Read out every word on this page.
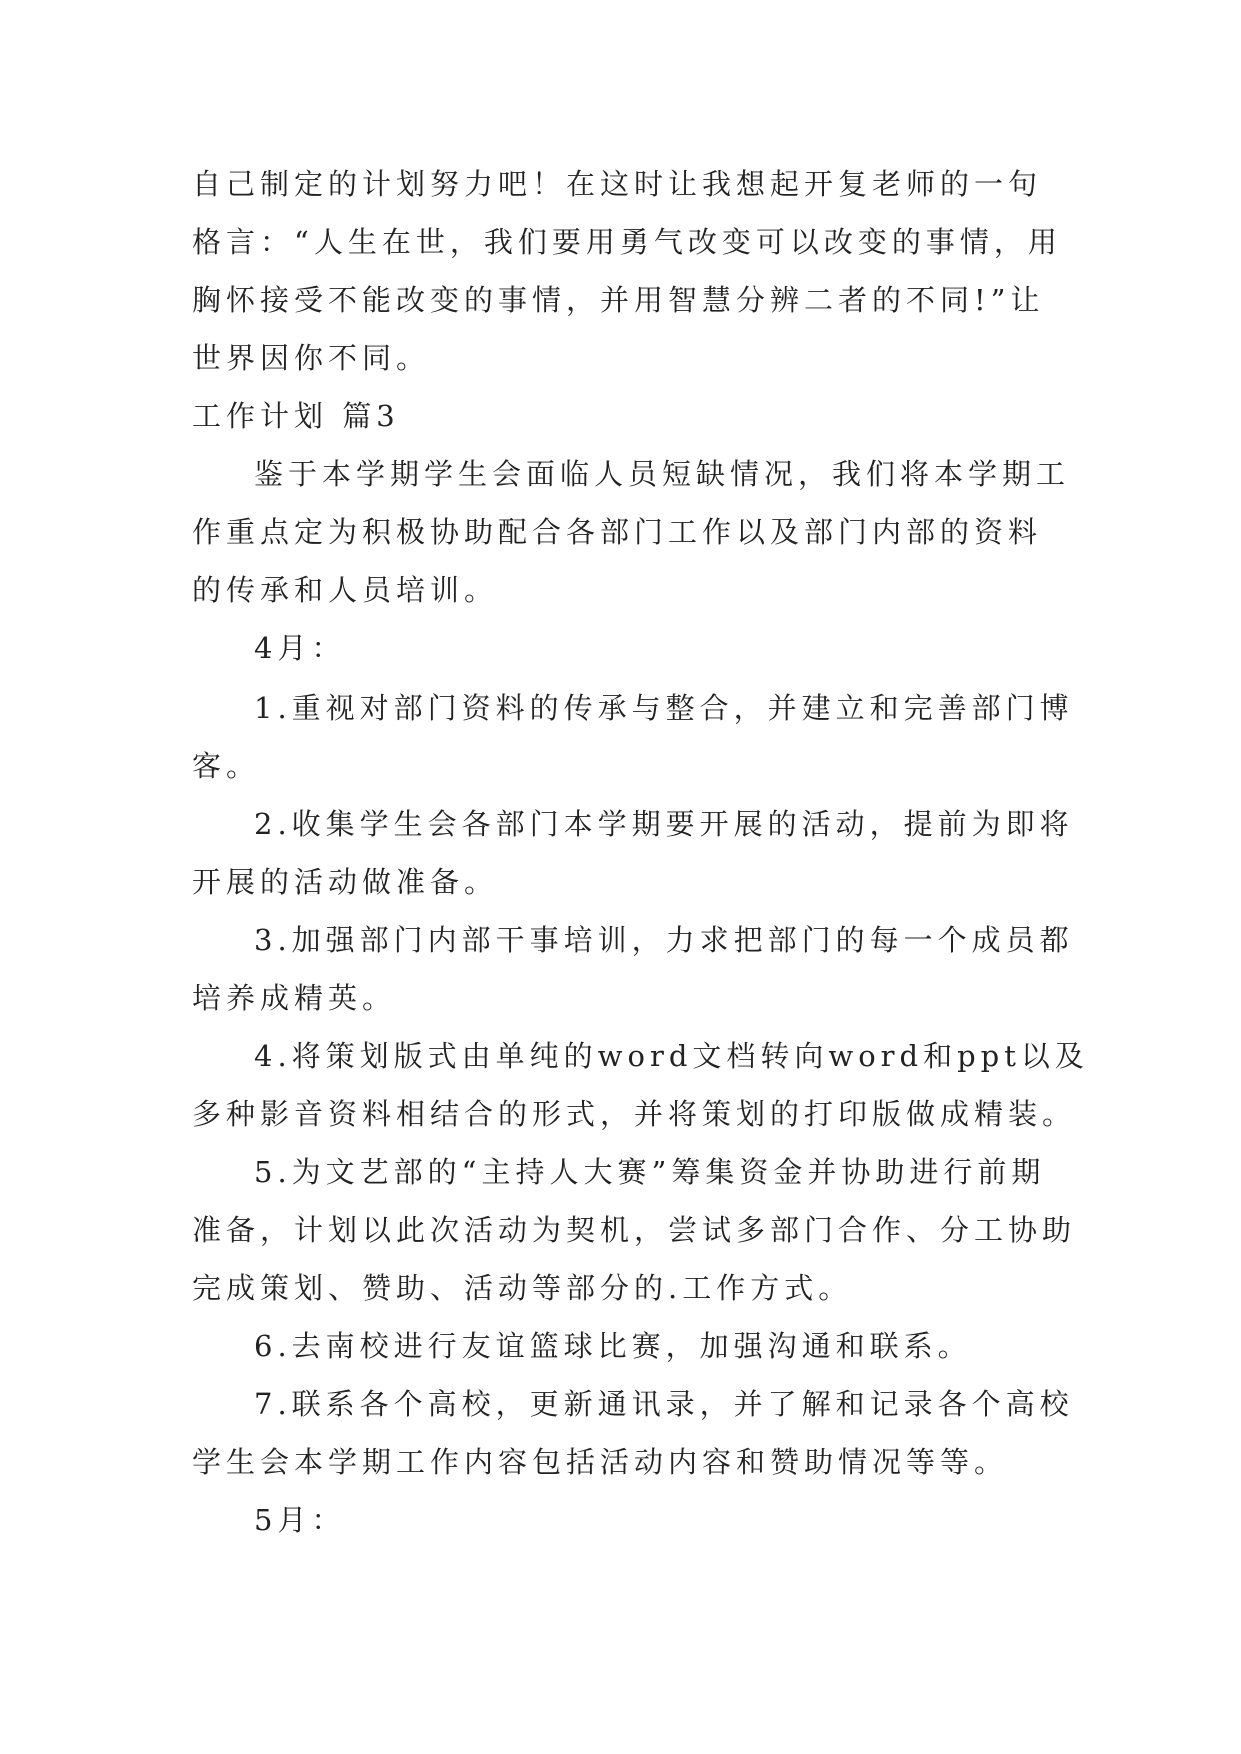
自己制定的计划努力吧！在这时让我想起开复老师的一句
格言：“人生在世，我们要用勇气改变可以改变的事情，用
胸怀接受不能改变的事情，并用智慧分辨二者的不同!”让
世界因你不同。
工作计划 篇3
鉴于本学期学生会面临人员短缺情况，我们将本学期工
作重点定为积极协助配合各部门工作以及部门内部的资料
的传承和人员培训。
4月：
1.重视对部门资料的传承与整合，并建立和完善部门博
客。
2.收集学生会各部门本学期要开展的活动，提前为即将
开展的活动做准备。
3.加强部门内部干事培训，力求把部门的每一个成员都
培养成精英。
4.将策划版式由单纯的word文档转向word和ppt以及
多种影音资料相结合的形式，并将策划的打印版做成精装。
5.为文艺部的“主持人大赛”筹集资金并协助进行前期
准备，计划以此次活动为契机，尝试多部门合作、分工协助
完成策划、赞助、活动等部分的.工作方式。
6.去南校进行友谊篮球比赛，加强沟通和联系。
7.联系各个高校，更新通讯录，并了解和记录各个高校
学生会本学期工作内容包括活动内容和赞助情况等等。
5月：
